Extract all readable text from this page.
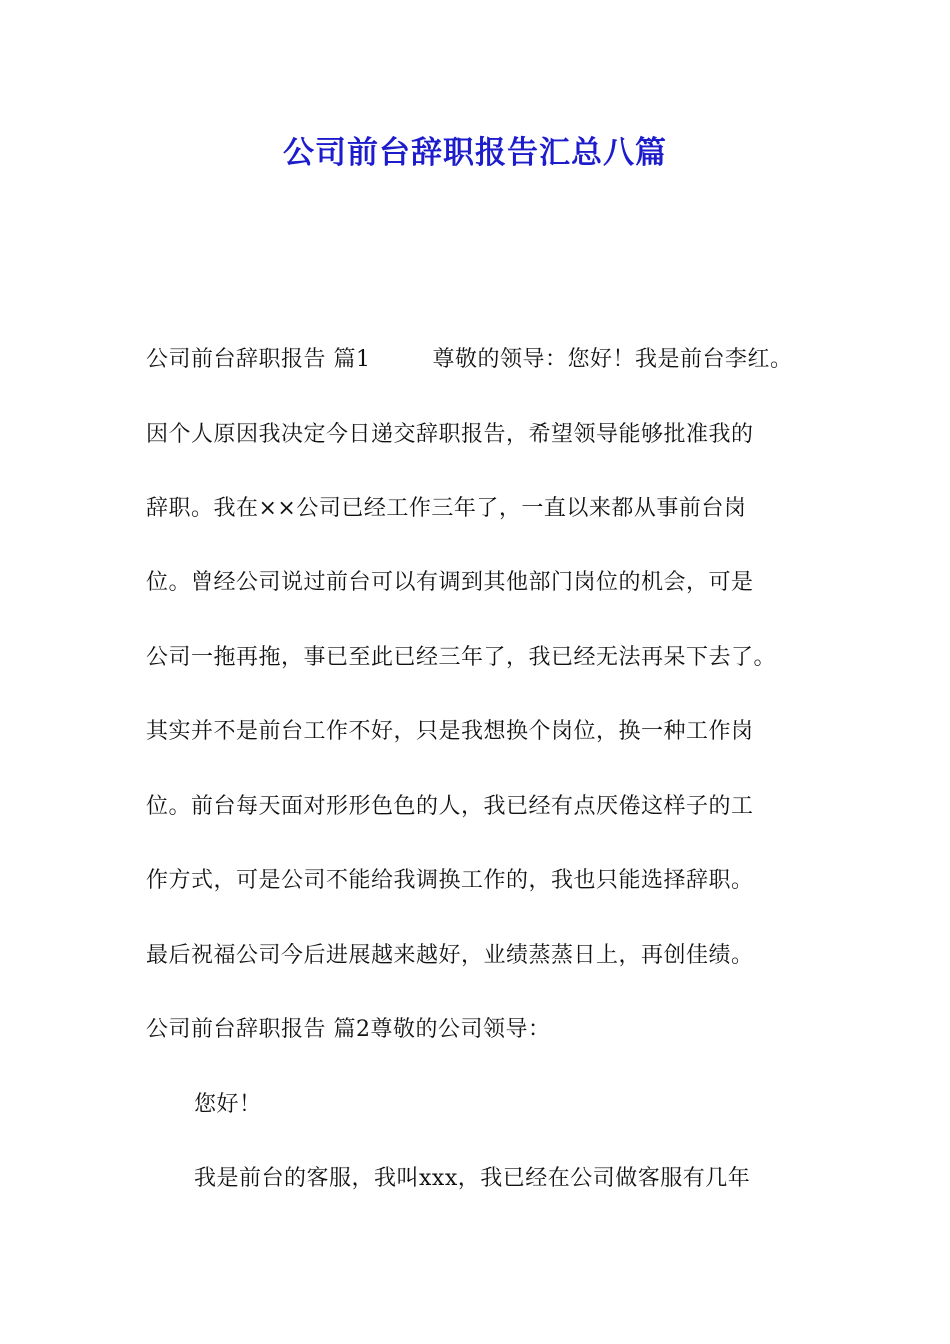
公司前台辞职报告汇总八篇
公司前台辞职报告 篇1	尊敬的领导：您好！我是前台李红。
因个人原因我决定今日递交辞职报告，希望领导能够批准我的
辞职。我在××公司已经工作三年了，一直以来都从事前台岗
位。曾经公司说过前台可以有调到其他部门岗位的机会，可是
公司一拖再拖，事已至此已经三年了，我已经无法再呆下去了。
其实并不是前台工作不好，只是我想换个岗位，换一种工作岗
位。前台每天面对形形色色的人，我已经有点厌倦这样子的工
作方式，可是公司不能给我调换工作的，我也只能选择辞职。
最后祝福公司今后进展越来越好，业绩蒸蒸日上，再创佳绩。
公司前台辞职报告 篇2尊敬的公司领导：
您好！
我是前台的客服，我叫xxx，我已经在公司做客服有几年
